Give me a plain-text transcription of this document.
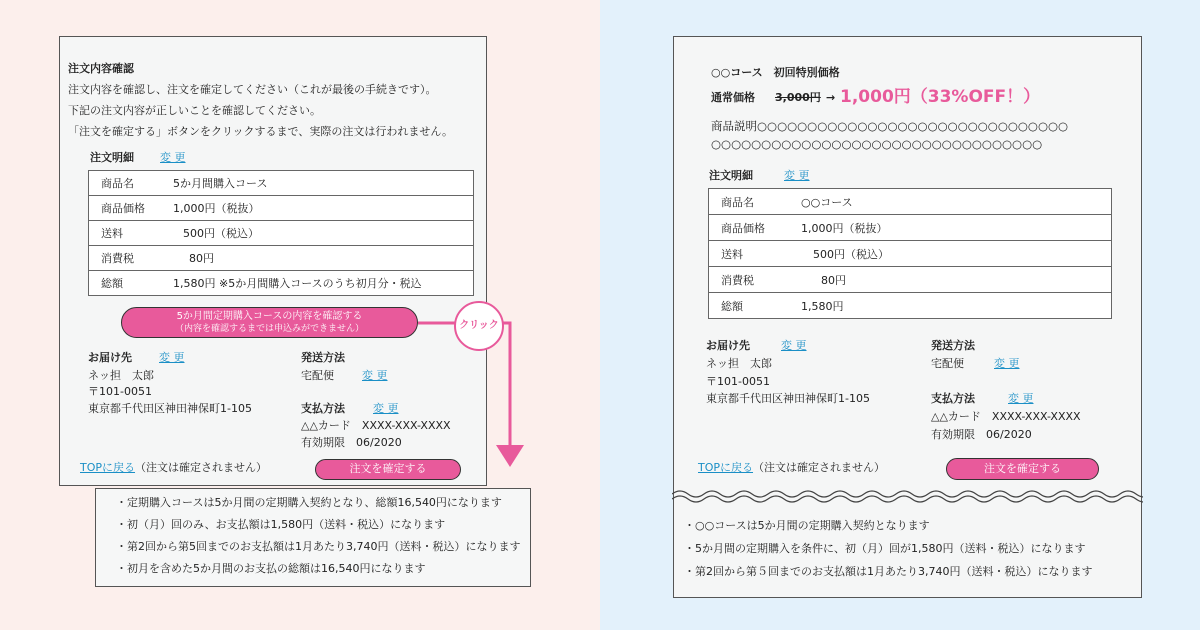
注文内容確認
注文内容を確認し、注文を確定してください（これが最後の手続きです）。
下記の注文内容が正しいことを確認してください。
「注文を確定する」ボタンをクリックするまで、実際の注文は行われません。
注文明細 変 更
商品名	5か月間購入コース
商品価格	1,000円（税抜）
送料	500円（税込）
消費税	80円
総額	1,580円 ※5か月間購入コースのうち初月分・税込
5か月間定期購入コースの内容を確認する
（内容を確認するまでは申込みができません）	クリック
お届け先 変 更
ネッ担　太郎
〒101-0051
東京都千代田区神田神保町1-105
発送方法
宅配便	変 更
支払方法	変 更
△△カード　XXXX-XXX-XXXX
有効期限　06/2020
TOPに戻る（注文は確定されません）	注文を確定する
・定期購入コースは5か月間の定期購入契約となり、総額16,540円になります
・初（月）回のみ、お支払額は1,580円（送料・税込）になります
・第2回から第5回までのお支払額は1月あたり3,740円（送料・税込）になります
・初月を含めた5か月間のお支払の総額は16,540円になります
○○コース　初回特別価格
通常価格 3,000円 → 1,000円（33%OFF！）
商品説明○○○○○○○○○○○○○○○○○○○○○○○○○○○○○○○
○○○○○○○○○○○○○○○○○○○○○○○○○○○○○○○○○
注文明細	変 更
商品名	○○コース
商品価格	1,000円（税抜）
送料	500円（税込）
消費税	80円
総額	1,580円
お届け先	変 更
ネッ担　太郎
〒101-0051
東京都千代田区神田神保町1-105
発送方法
宅配便	変 更
支払方法	変 更
△△カード　XXXX-XXX-XXXX
有効期限　06/2020
TOPに戻る（注文は確定されません）	注文を確定する
・○○コースは5か月間の定期購入契約となります
・5か月間の定期購入を条件に、初（月）回が1,580円（送料・税込）になります
・第2回から第５回までのお支払額は1月あたり3,740円（送料・税込）になります
